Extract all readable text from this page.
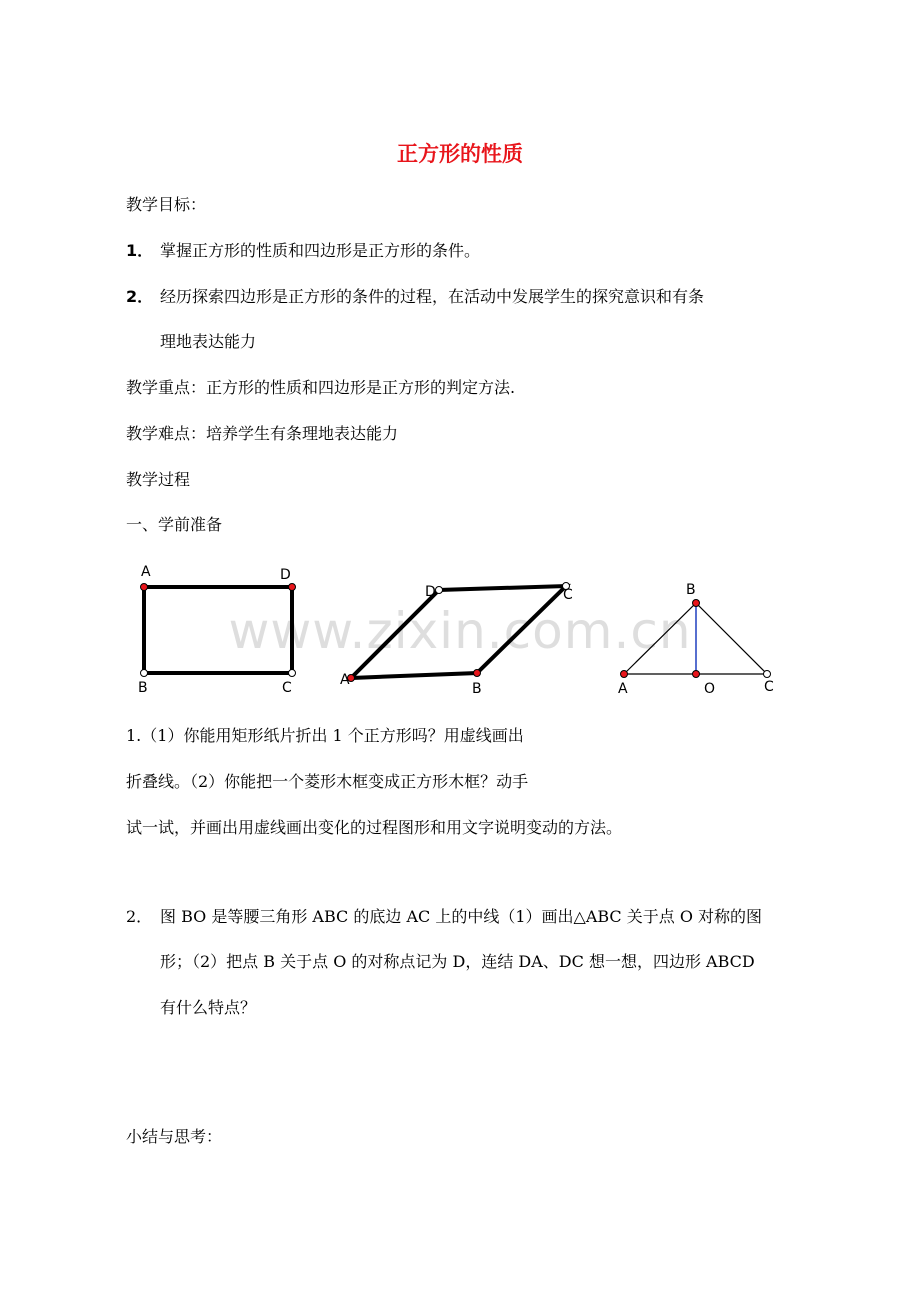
正方形的性质
教学目标：
1． 掌握正方形的性质和四边形是正方形的条件。
2． 经历探索四边形是正方形的条件的过程，在活动中发展学生的探究意识和有条
理地表达能力
教学重点：正方形的性质和四边形是正方形的判定方法.
教学难点：培养学生有条理地表达能力
教学过程
一、学前准备
www.zixin.com.cn
A	D
B	C
D	C
A
B
B
A	O	C
1.（1）你能用矩形纸片折出 1 个正方形吗？用虚线画出
折叠线。（2）你能把一个菱形木框变成正方形木框？动手
试一试，并画出用虚线画出变化的过程图形和用文字说明变动的方法。
2． 图 BO 是等腰三角形 ABC 的底边 AC 上的中线（1）画出△ABC 关于点 O 对称的图
形；（2）把点 B 关于点 O 的对称点记为 D，连结 DA、DC 想一想，四边形 ABCD
有什么特点？
小结与思考：
